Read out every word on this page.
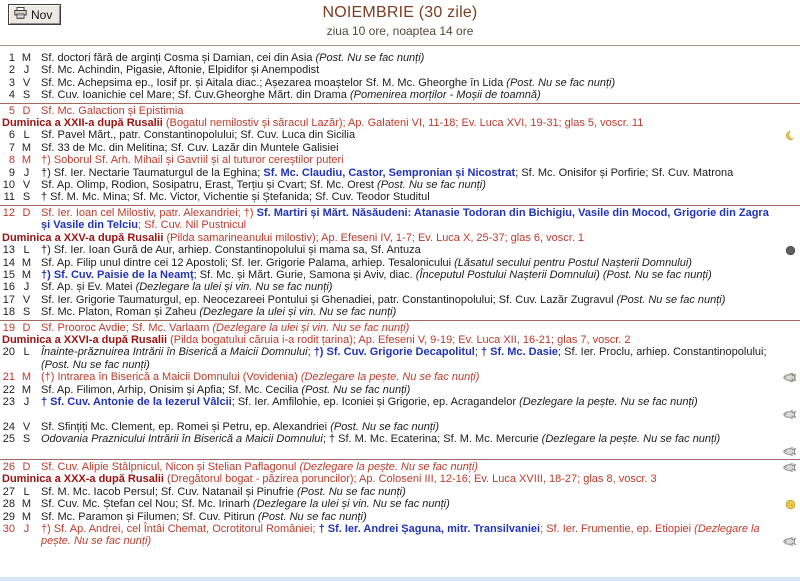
Nov	NOIEMBRIE (30 zile)
ziua 10 ore, noaptea 14 ore
1 M Sf. doctori fără de arginți Cosma și Damian, cei din Asia (Post. Nu se fac nunți)
2 J	Sf. Mc. Achindin, Pigasie, Aftonie, Elpidifor și Anempodist
3 V Sf. Mc. Achepsima ep., Iosif pr. și Aitala diac.; Așezarea moaștelor Sf. M. Mc. Gheorghe în Lida (Post. Nu se fac nunți)
4 S Sf. Cuv. Ioanichie cel Mare; Sf. Cuv.Gheorghe Mărt. din Drama (Pomenirea morților - Moșii de toamnă)
5 D Sf. Mc. Galaction și Epistimia
Duminica a XXII-a după Rusalii (Bogatul nemilostiv și săracul Lazăr); Ap. Galateni VI, 11-18; Ev. Luca XVI, 19-31; glas 5, voscr. 11
6 L	Sf. Pavel Mărt., patr. Constantinopolului; Sf. Cuv. Luca din Sicilia
7 M Sf. 33 de Mc. din Melitina; Sf. Cuv. Lazăr din Muntele Galisiei
8 M †) Soborul Sf. Arh. Mihail și Gavriil și al tuturor cereștilor puteri
9 J	†) Sf. Ier. Nectarie Taumaturgul de la Eghina; Sf. Mc. Claudiu, Castor, Sempronian și Nicostrat; Sf. Mc. Onisifor și Porfirie; Sf. Cuv. Matrona
10 V Sf. Ap. Olimp, Rodion, Sosipatru, Erast, Terțiu și Cvart; Sf. Mc. Orest (Post. Nu se fac nunți)
11 S † Sf. M. Mc. Mina; Sf. Mc. Victor, Vichentie și Ștefanida; Sf. Cuv. Teodor Studitul
12 D Sf. Ier. Ioan cel Milostiv, patr. Alexandriei; †) Sf. Martiri și Mărt. Năsăudeni: Atanasie Todoran din Bichigiu, Vasile din Mocod, Grigorie din Zagra și Vasile din Telciu; Sf. Cuv. Nil Pustnicul
Duminica a XXV-a după Rusalii (Pilda samarineanului milostiv); Ap. Efeseni IV, 1-7; Ev. Luca X, 25-37; glas 6, voscr. 1
13 L	†) Sf. Ier. Ioan Gură de Aur, arhiep. Constantinopolului și mama sa, Sf. Antuza
14 M Sf. Ap. Filip unul dintre cei 12 Apostoli; Sf. Ier. Grigorie Palama, arhiep. Tesalonicului (Lăsatul secului pentru Postul Nașterii Domnului)
15 M †) Sf. Cuv. Paisie de la Neamț; Sf. Mc. și Mărt. Gurie, Samona și Aviv, diac. (Începutul Postului Nașterii Domnului) (Post. Nu se fac nunți)
16 J	Sf. Ap. și Ev. Matei (Dezlegare la ulei și vin. Nu se fac nunți)
17 V Sf. Ier. Grigorie Taumaturgul, ep. Neocezareei Pontului și Ghenadiei, patr. Constantinopolului; Sf. Cuv. Lazăr Zugravul (Post. Nu se fac nunți)
18 S Sf. Mc. Platon, Roman și Zaheu (Dezlegare la ulei și vin. Nu se fac nunți)
19 D Sf. Prooroc Avdie; Sf. Mc. Varlaam (Dezlegare la ulei și vin. Nu se fac nunți)
Duminica a XXVI-a după Rusalii (Pilda bogatului căruia i-a rodit țarina); Ap. Efeseni V, 9-19; Ev. Luca XII, 16-21; glas 7, voscr. 2
20 L	Înainte-prăznuirea Intrării în Biserică a Maicii Domnului; †) Sf. Cuv. Grigorie Decapolitul; † Sf. Mc. Dasie; Sf. Ier. Proclu, arhiep. Constantinopolului; (Post. Nu se fac nunți)
21 M (†) Intrarea în Biserică a Maicii Domnului (Vovidenia) (Dezlegare la pește. Nu se fac nunți)
22 M Sf. Ap. Filimon, Arhip, Onisim și Apfia; Sf. Mc. Cecilia (Post. Nu se fac nunți)
23 J	† Sf. Cuv. Antonie de la Iezerul Vâlcii; Sf. Ier. Amfilohie, ep. Iconiei și Grigorie, ep. Acragandelor (Dezlegare la pește. Nu se fac nunți)
24 V Sf. Sfințiți Mc. Clement, ep. Romei și Petru, ep. Alexandriei (Post. Nu se fac nunți)
25 S Odovania Praznicului Intrării în Biserică a Maicii Domnului; † Sf. M. Mc. Ecaterina; Sf. M. Mc. Mercurie (Dezlegare la pește. Nu se fac nunți)
26 D Sf. Cuv. Alipie Stâlpnicul, Nicon și Stelian Paflagonul (Dezlegare la pește. Nu se fac nunți)
Duminica a XXX-a după Rusalii (Dregătorul bogat - păzirea poruncilor); Ap. Coloseni III, 12-16; Ev. Luca XVIII, 18-27; glas 8, voscr. 3
27 L	Sf. M. Mc. Iacob Persul; Sf. Cuv. Natanail și Pinufrie (Post. Nu se fac nunți)
28 M Sf. Cuv. Mc. Ștefan cel Nou; Sf. Mc. Irinarh (Dezlegare la ulei și vin. Nu se fac nunți)
29 M Sf. Mc. Paramon și Filumen; Sf. Cuv. Pitirun (Post. Nu se fac nunți)
30 J	†) Sf. Ap. Andrei, cel Întâi Chemat, Ocrotitorul României; † Sf. Ier. Andrei Șaguna, mitr. Transilvaniei; Sf. Ier. Frumentie, ep. Etiopiei (Dezlegare la pește. Nu se fac nunți)
